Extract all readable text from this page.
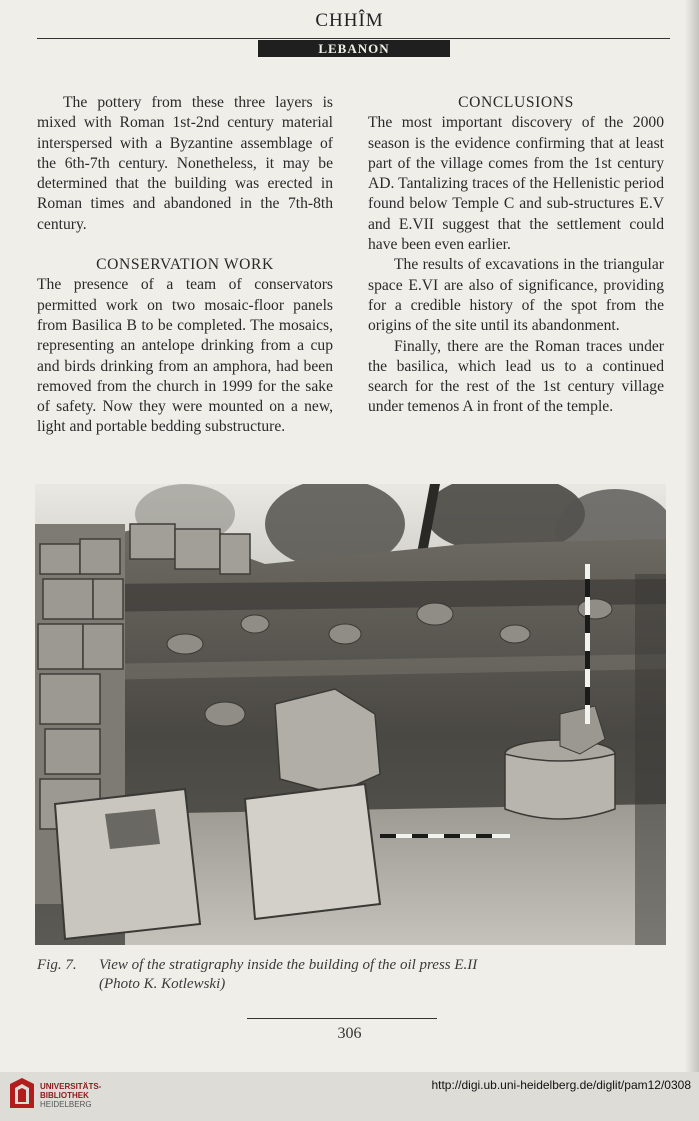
CHHÎM
LEBANON

The pottery from these three layers is mixed with Roman 1st-2nd century material interspersed with a Byzantine assemblage of the 6th-7th century. Nonetheless, it may be determined that the building was erected in Roman times and abandoned in the 7th-8th century.

CONSERVATION WORK

The presence of a team of conservators permitted work on two mosaic-floor panels from Basilica B to be completed. The mosaics, representing an antelope drinking from a cup and birds drinking from an amphora, had been removed from the church in 1999 for the sake of safety. Now they were mounted on a new, light and portable bedding substructure.

CONCLUSIONS

The most important discovery of the 2000 season is the evidence confirming that at least part of the village comes from the 1st century AD. Tantalizing traces of the Hellenistic period found below Temple C and sub-structures E.V and E.VII suggest that the settlement could have been even earlier.

The results of excavations in the triangular space E.VI are also of significance, providing for a credible history of the spot from the origins of the site until its abandonment.

Finally, there are the Roman traces under the basilica, which lead us to a continued search for the rest of the 1st century village under temenos A in front of the temple.

Fig. 7. View of the stratigraphy inside the building of the oil press E.II
(Photo K. Kotlewski)
306
UNIVERSITÄTS-
BIBLIOTHEK
HEIDELBERG
http://digi.ub.uni-heidelberg.de/diglit/pam12/0308
